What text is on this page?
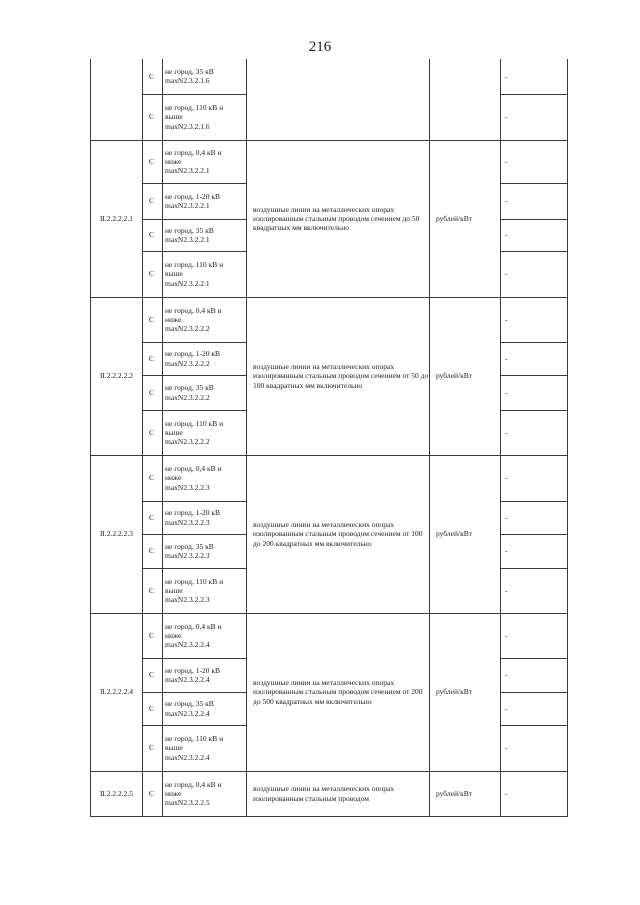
216
	С	не город, 35 кВ
maxN2.3.2.1.6			-
	С	не город, 110 кВ и
выше
maxN2.3.2.1.6			-
II.2.2.2.2.1	С	не город, 0,4 кВ и
ниже
maxN2.3.2.2.1	воздушные линии на металлических опорах изолированным стальным проводом сечением до 50 квадратных мм включительно	рублей/кВт	-
	С	не город, 1-20 кВ
maxN2.3.2.2.1			-
	С	не город, 35 кВ
maxN2.3.2.2.1			-
	С	не город, 110 кВ и
выше
maxN2.3.2.2.1			-
II.2.2.2.2.2	С	не город, 0,4 кВ и
ниже
maxN2.3.2.2.2	воздушные линии на металлических опорах изолированным стальным проводом сечением от 50 до 100 квадратных мм включительно	рублей/кВт	-
	С	не город, 1-20 кВ
maxN2.3.2.2.2			-
	С	не город, 35 кВ
maxN2.3.2.2.2			-
	С	не город, 110 кВ и
выше
maxN2.3.2.2.2			-
II.2.2.2.2.3	С	не город, 0,4 кВ и
ниже
maxN2.3.2.2.3	воздушные линии на металлических опорах изолированным стальным проводом сечением от 100 до 200 квадратных мм включительно	рублей/кВт	-
	С	не город, 1-20 кВ
maxN2.3.2.2.3			-
	С	не город, 35 кВ
maxN2.3.2.2.3			-
	С	не город, 110 кВ и
выше
maxN2.3.2.2.3			-
II.2.2.2.2.4	С	не город, 0,4 кВ и
ниже
maxN2.3.2.2.4	воздушные линии на металлических опорах изолированным стальным проводом сечением от 200 до 500 квадратных мм включительно	рублей/кВт	-
	С	не город, 1-20 кВ
maxN2.3.2.2.4			-
	С	не город, 35 кВ
maxN2.3.2.2.4			-
	С	не город, 110 кВ и
выше
maxN2.3.2.2.4			-
II.2.2.2.2.5	С	не город, 0,4 кВ и
ниже
maxN2.3.2.2.5	воздушные линии на металлических опорах изолированным стальным проводом	рублей/кВт	-
